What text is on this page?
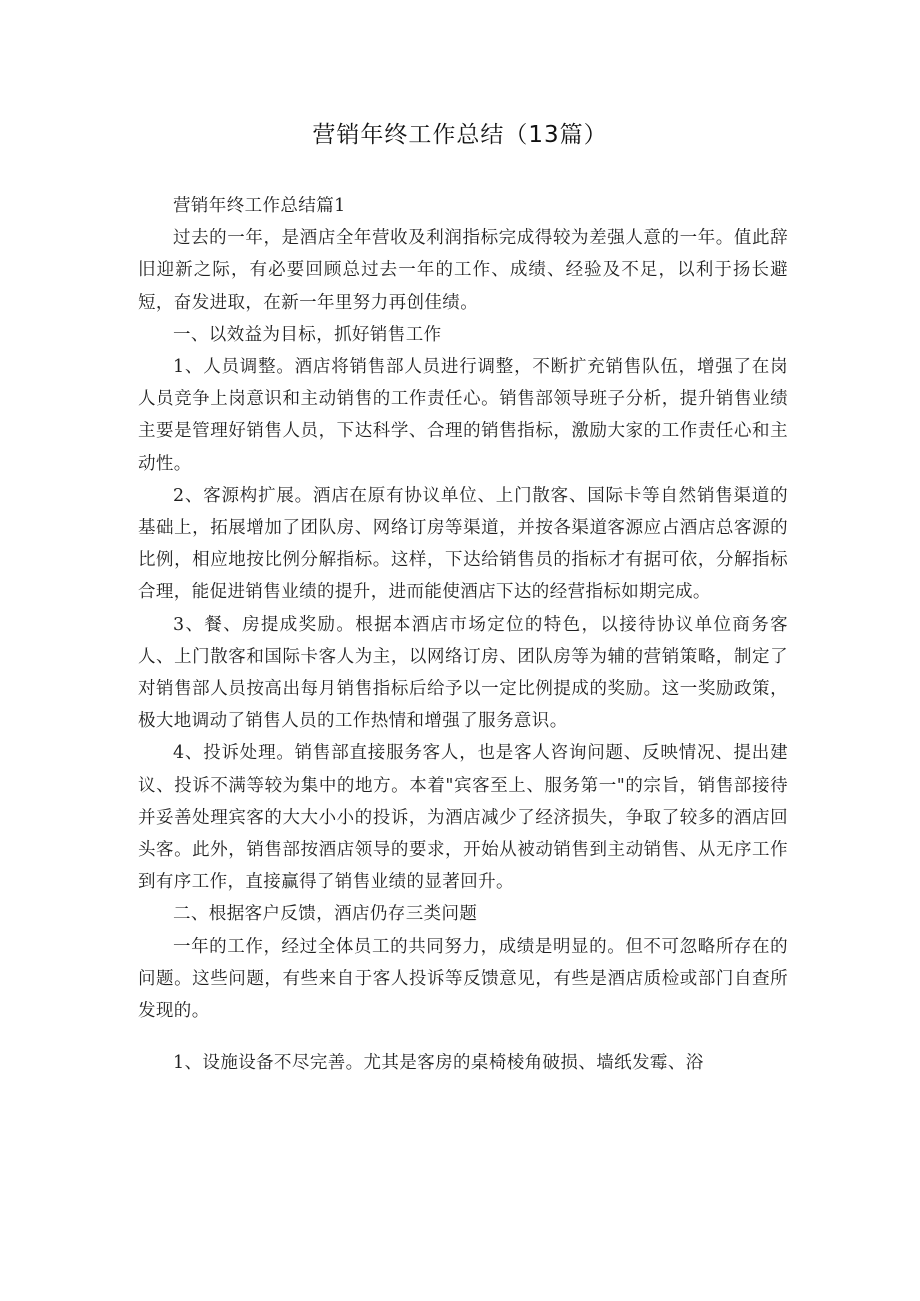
营销年终工作总结（13篇）

营销年终工作总结篇1

过去的一年，是酒店全年营收及利润指标完成得较为差强人意的一年。值此辞旧迎新之际，有必要回顾总过去一年的工作、成绩、经验及不足，以利于扬长避短，奋发进取，在新一年里努力再创佳绩。

一、以效益为目标，抓好销售工作

1、人员调整。酒店将销售部人员进行调整，不断扩充销售队伍，增强了在岗人员竞争上岗意识和主动销售的工作责任心。销售部领导班子分析，提升销售业绩主要是管理好销售人员，下达科学、合理的销售指标，激励大家的工作责任心和主动性。

2、客源构扩展。酒店在原有协议单位、上门散客、国际卡等自然销售渠道的基础上，拓展增加了团队房、网络订房等渠道，并按各渠道客源应占酒店总客源的比例，相应地按比例分解指标。这样，下达给销售员的指标才有据可依，分解指标合理，能促进销售业绩的提升，进而能使酒店下达的经营指标如期完成。

3、餐、房提成奖励。根据本酒店市场定位的特色，以接待协议单位商务客人、上门散客和国际卡客人为主，以网络订房、团队房等为辅的营销策略，制定了对销售部人员按高出每月销售指标后给予以一定比例提成的奖励。这一奖励政策，极大地调动了销售人员的工作热情和增强了服务意识。

4、投诉处理。销售部直接服务客人，也是客人咨询问题、反映情况、提出建议、投诉不满等较为集中的地方。本着"宾客至上、服务第一"的宗旨，销售部接待并妥善处理宾客的大大小小的投诉，为酒店减少了经济损失，争取了较多的酒店回头客。此外，销售部按酒店领导的要求，开始从被动销售到主动销售、从无序工作到有序工作，直接赢得了销售业绩的显著回升。

二、根据客户反馈，酒店仍存三类问题

一年的工作，经过全体员工的共同努力，成绩是明显的。但不可忽略所存在的问题。这些问题，有些来自于客人投诉等反馈意见，有些是酒店质检或部门自查所发现的。

1、设施设备不尽完善。尤其是客房的桌椅棱角破损、墙纸发霉、浴
